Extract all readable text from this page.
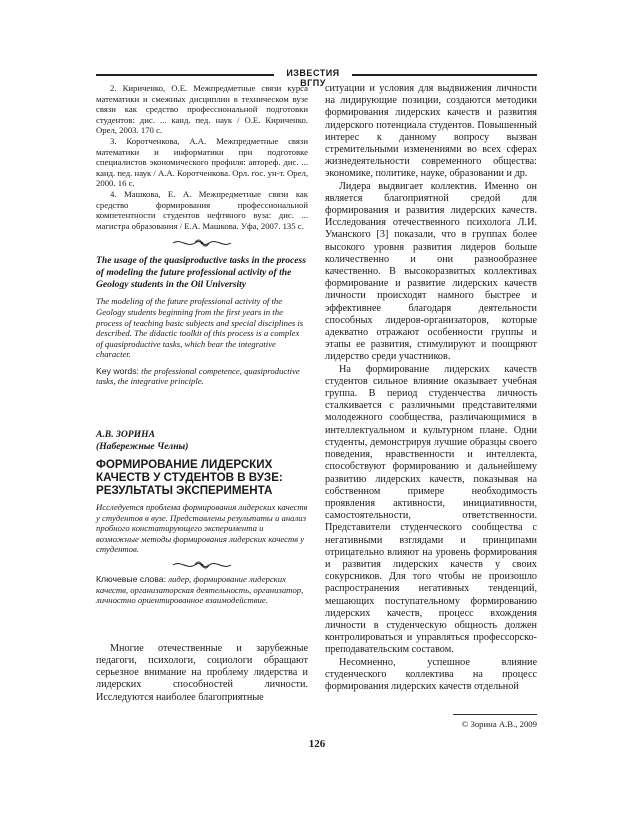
ИЗВЕСТИЯ ВГПУ

2. Кириченко, О.Е. Межпредметные связи курса математики и смежных дисциплин в техническом вузе связи как средство профессиональной подготовки студентов: дис. ... канд. пед. наук / О.Е. Кириченко. Орел, 2003. 170 с.

3. Коротченкова, А.А. Межпредметные связи математики и информатики при подготовке специалистов экономического профиля: автореф. дис. ... канд. пед. наук / А.А. Коротченкова. Орл. гос. ун-т. Орел, 2000. 16 с.

4. Машкова, Е. А. Межпредметные связи как средство формирования профессиональной компетентности студентов нефтяного вуза: дис. ... магистра образования / Е.А. Машкова. Уфа, 2007. 135 с.

The usage of the quasiproductive tasks in the process of modeling the future professional activity of the Geology students in the Oil University

The modeling of the future professional activity of the Geology students beginning from the first years in the process of teaching basic subjects and special disciplines is described. The didactic toolkit of this process is a complex of quasiproductive tasks, which bear the integrative character.

Key words: the professional competence, quasiproductive tasks, the integrative principle.

А.В. ЗОРИНА
(Набережные Челны)
ФОРМИРОВАНИЕ ЛИДЕРСКИХ КАЧЕСТВ У СТУДЕНТОВ В ВУЗЕ: РЕЗУЛЬТАТЫ ЭКСПЕРИМЕНТА

Исследуется проблема формирования лидерских качеств у студентов в вузе. Представлены результаты и анализ пробного констатирующего эксперимента и возможные методы формирования лидерских качеств у студентов.

Ключевые слова: лидер, формирование лидерских качеств, организаторская деятельность, организатор, личностно ориентированное взаимодействие.

Многие отечественные и зарубежные педагоги, психологи, социологи обращают серьезное внимание на проблему лидерства и лидерских способностей личности. Исследуются наиболее благоприятные

ситуации и условия для выдвижения личности на лидирующие позиции, создаются методики формирования лидерских качеств и развития лидерского потенциала студентов. Повышенный интерес к данному вопросу вызван стремительными изменениями во всех сферах жизнедеятельности современного общества: экономике, политике, науке, образовании и др.

Лидера выдвигает коллектив. Именно он является благоприятной средой для формирования и развития лидерских качеств. Исследования отечественного психолога Л.И. Уманского [3] показали, что в группах более высокого уровня развития лидеров больше количественно и они разнообразнее качественно. В высокоразвитых коллективах формирование и развитие лидерских качеств личности происходят намного быстрее и эффективнее благодаря деятельности способных лидеров-организаторов, которые адекватно отражают особенности группы и этапы ее развития, стимулируют и поощряют лидерство среди участников.

На формирование лидерских качеств студентов сильное влияние оказывает учебная группа. В период студенчества личность сталкивается с различными представителями молодежного сообщества, различающимися в интеллектуальном и культурном плане. Одни студенты, демонстрируя лучшие образцы своего поведения, нравственности и интеллекта, способствуют формированию и дальнейшему развитию лидерских качеств, показывая на собственном примере необходимость проявления активности, инициативности, самостоятельности, ответственности. Представители студенческого сообщества с негативными взглядами и принципами отрицательно влияют на уровень формирования и развития лидерских качеств у своих сокурсников. Для того чтобы не произошло распространения негативных тенденций, мешающих поступательному формированию лидерских качеств, процесс вхождения личности в студенческую общность должен контролироваться и управляться профессорско-преподавательским составом.

Несомненно, успешное влияние студенческого коллектива на процесс формирования лидерских качеств отдельной

© Зорина А.В., 2009
126
